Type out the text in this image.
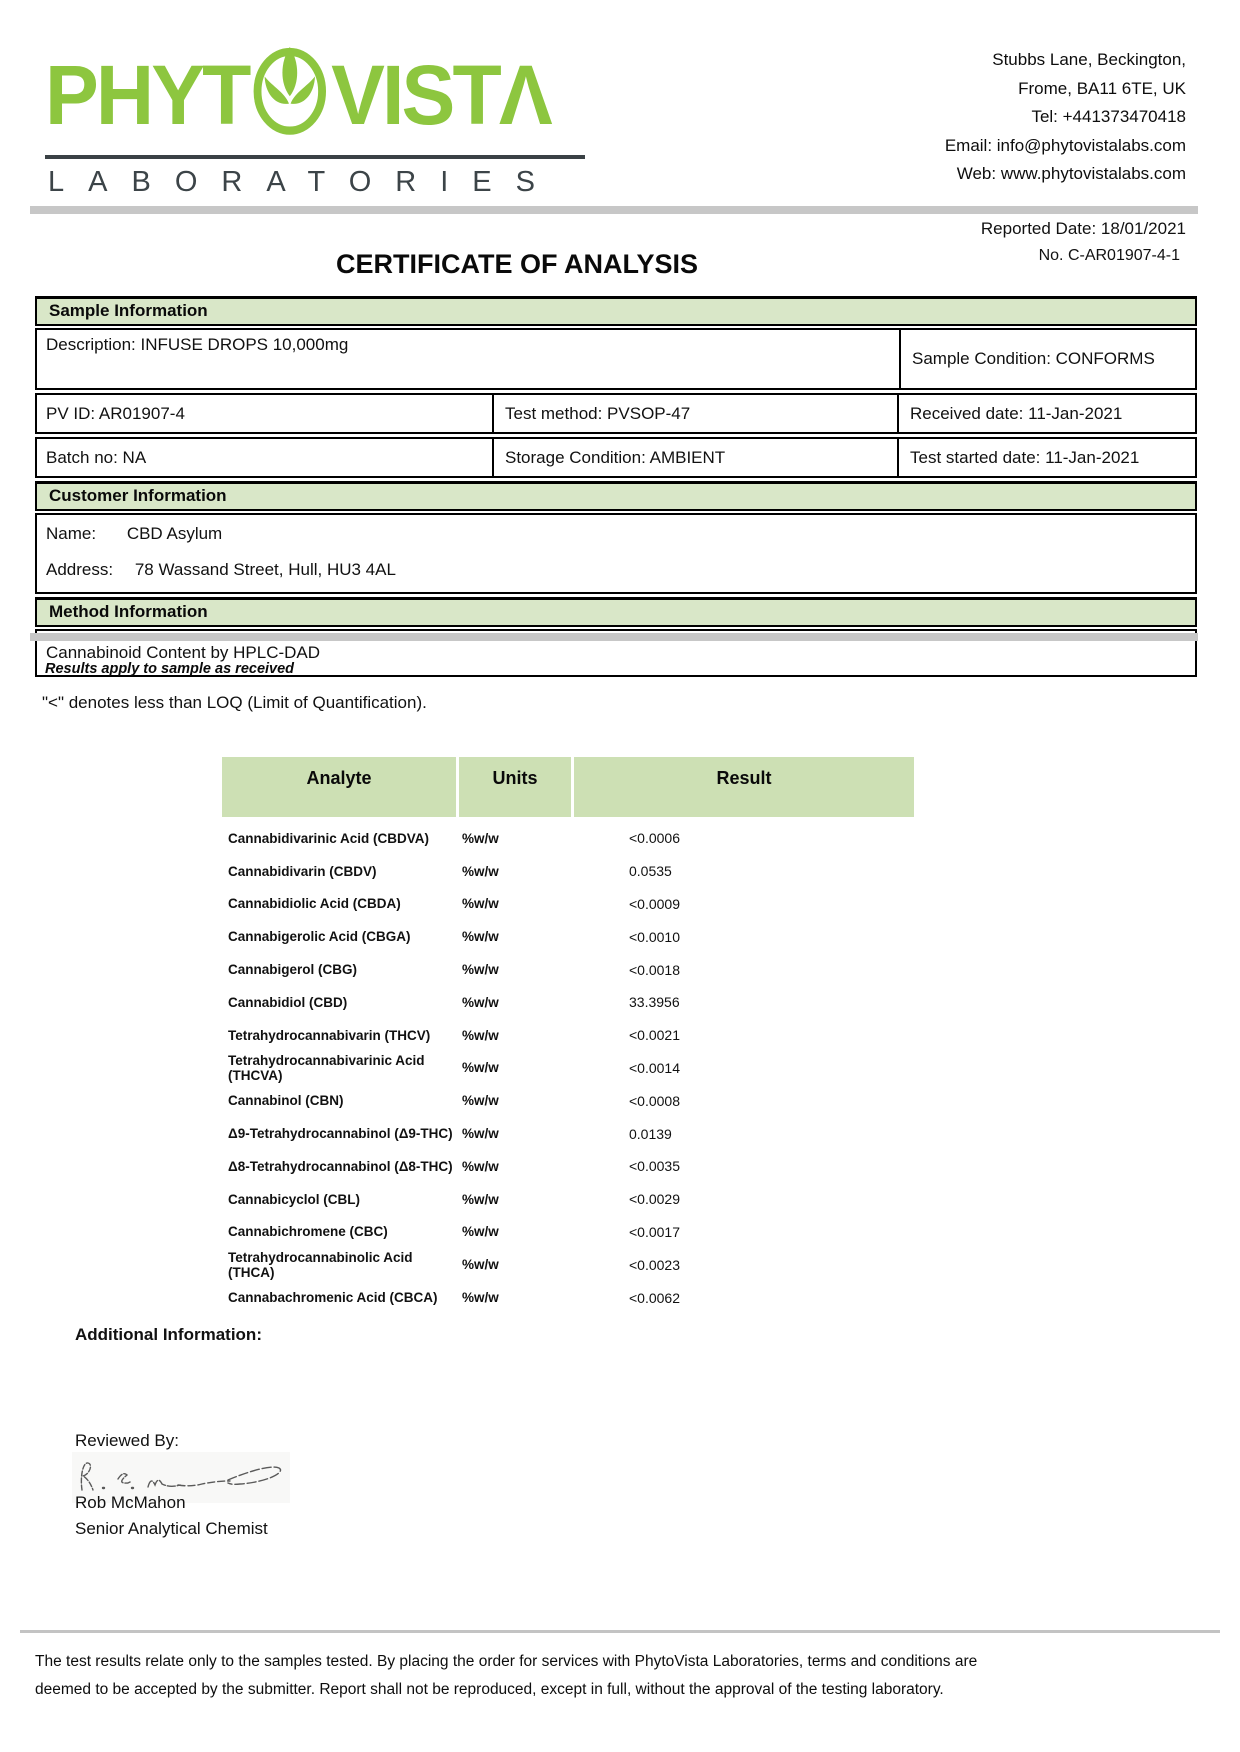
PHYT VIST Λ
LABORATORIES
Stubbs Lane, Beckington,
Frome, BA11 6TE, UK
Tel: +441373470418
Email: info@phytovistalabs.com
Web: www.phytovistalabs.com
Reported Date: 18/01/2021
No. C-AR01907-4-1
CERTIFICATE OF ANALYSIS
Sample Information
Description: INFUSE DROPS 10,000mg
Sample Condition: CONFORMS
PV ID: AR01907-4	Test method: PVSOP-47	Received date: 11-Jan-2021
Batch no: NA	Storage Condition: AMBIENT	Test started date: 11-Jan-2021
Customer Information
Name: CBD Asylum
Address: 78 Wassand Street, Hull, HU3 4AL
Method Information
Cannabinoid Content by HPLC-DAD
Results apply to sample as received
"<" denotes less than LOQ (Limit of Quantification).
Analyte	Units	Result
Cannabidivarinic Acid (CBDVA)	%w/w	<0.0006
Cannabidivarin (CBDV)	%w/w	0.0535
Cannabidiolic Acid (CBDA)	%w/w	<0.0009
Cannabigerolic Acid (CBGA)	%w/w	<0.0010
Cannabigerol (CBG)	%w/w	<0.0018
Cannabidiol (CBD)	%w/w	33.3956
Tetrahydrocannabivarin (THCV)	%w/w	<0.0021
Tetrahydrocannabivarinic Acid (THCVA)	%w/w	<0.0014
Cannabinol (CBN)	%w/w	<0.0008
Δ9-Tetrahydrocannabinol (Δ9-THC) %w/w	0.0139
Δ8-Tetrahydrocannabinol (Δ8-THC) %w/w	<0.0035
Cannabicyclol (CBL)	%w/w	<0.0029
Cannabichromene (CBC)	%w/w	<0.0017
Tetrahydrocannabinolic Acid (THCA)	%w/w	<0.0023
Cannabachromenic Acid (CBCA)	%w/w	<0.0062
Additional Information:
Reviewed By:
Rob McMahon
Senior Analytical Chemist
The test results relate only to the samples tested. By placing the order for services with PhytoVista Laboratories, terms and conditions are
deemed to be accepted by the submitter. Report shall not be reproduced, except in full, without the approval of the testing laboratory.
